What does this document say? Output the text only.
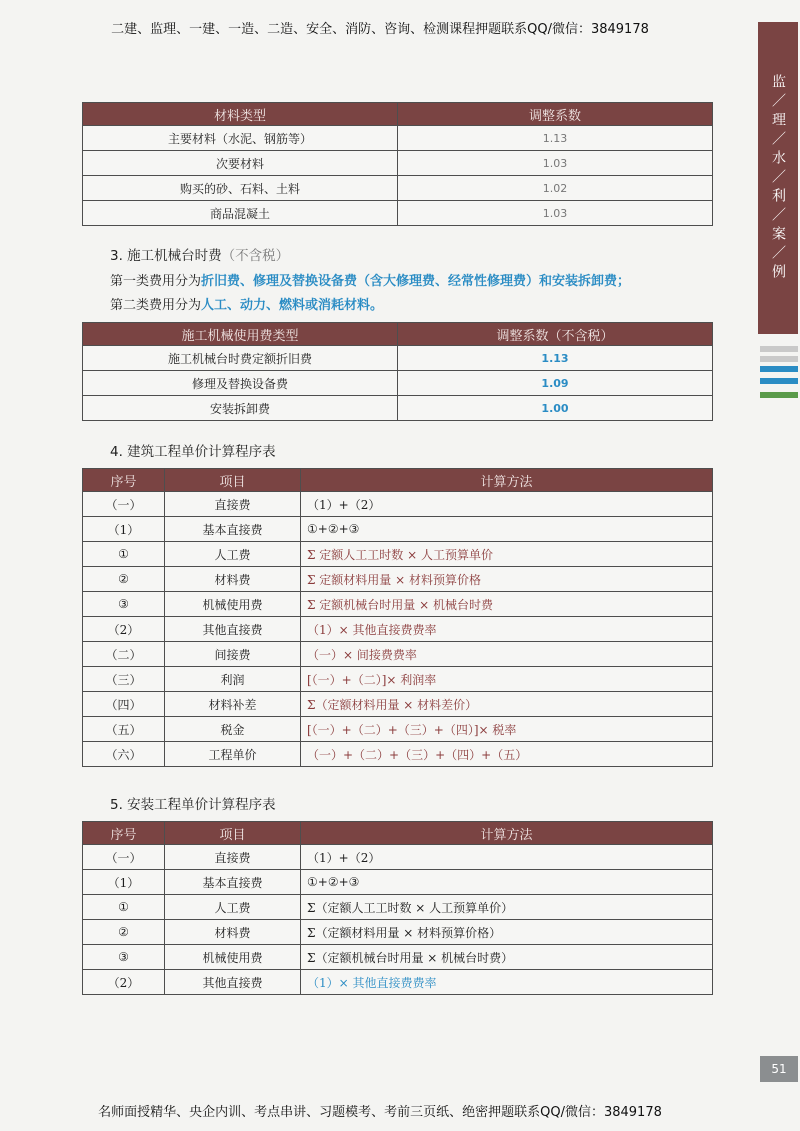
二建、监理、一建、一造、二造、安全、消防、咨询、检测课程押题联系QQ/微信：3849178
监／理／水／利／案／例
材料类型	调整系数
主要材料（水泥、钢筋等）	1.13
次要材料	1.03
购买的砂、石料、土料	1.02
商品混凝土	1.03
3. 施工机械台时费（不含税）
第一类费用分为折旧费、修理及替换设备费（含大修理费、经常性修理费）和安装拆卸费；
第二类费用分为人工、动力、燃料或消耗材料。
施工机械使用费类型	调整系数（不含税）
施工机械台时费定额折旧费	1.13
修理及替换设备费	1.09
安装拆卸费	1.00
4. 建筑工程单价计算程序表
序号	项目	计算方法
（一）	直接费	（1）+（2）
（1）	基本直接费	①+②+③
①	人工费	Σ 定额人工工时数 × 人工预算单价
②	材料费	Σ 定额材料用量 × 材料预算价格
③	机械使用费	Σ 定额机械台时用量 × 机械台时费
（2）	其他直接费	（1）× 其他直接费费率
（二）	间接费	（一）× 间接费费率
（三）	利润	[（一）+（二）]× 利润率
（四）	材料补差	Σ（定额材料用量 × 材料差价）
（五）	税金	[（一）+（二）+（三）+（四）]× 税率
（六）	工程单价	（一）+（二）+（三）+（四）+（五）
5. 安装工程单价计算程序表
序号	项目	计算方法
（一）	直接费	（1）+（2）
（1）	基本直接费	①+②+③
①	人工费	Σ（定额人工工时数 × 人工预算单价）
②	材料费	Σ（定额材料用量 × 材料预算价格）
③	机械使用费	Σ（定额机械台时用量 × 机械台时费）
（2）	其他直接费	（1）× 其他直接费费率
51
名师面授精华、央企内训、考点串讲、习题模考、考前三页纸、绝密押题联系QQ/微信：3849178
